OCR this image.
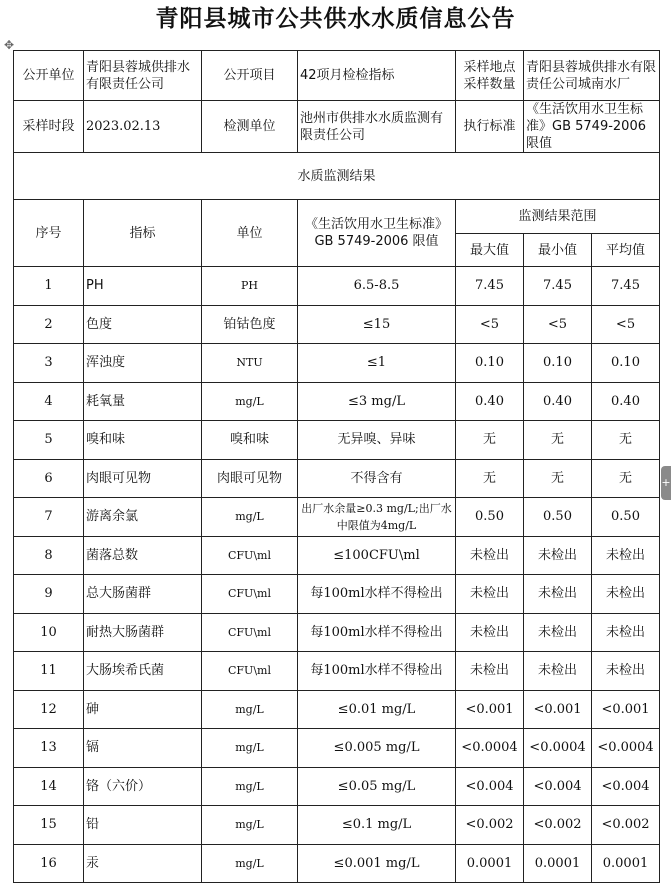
青阳县城市公共供水水质信息公告
✥
+
公开单位	青阳县蓉城供排水有限责任公司	公开项目	42项月检检指标	采样地点采样数量	青阳县蓉城供排水有限责任公司城南水厂	
采样时段	2023.02.13	检测单位	池州市供排水水质监测有限责任公司	执行标准	《生活饮用水卫生标准》GB 5749-2006 限值	
水质监测结果						
序号	指标	单位	《生活饮用水卫生标准》GB 5749-2006 限值	监测结果范围		
				最大值	最小值	平均值
1	PH	PH	6.5-8.5	7.45	7.45	7.45
2	色度	铂钴色度	≤15	<5	<5	<5
3	浑浊度	NTU	≤1	0.10	0.10	0.10
4	耗氧量	mg/L	≤3 mg/L	0.40	0.40	0.40
5	嗅和味	嗅和味	无异嗅、异味	无	无	无
6	肉眼可见物	肉眼可见物	不得含有	无	无	无
7	游离余氯	mg/L	出厂水余量≥0.3 mg/L;出厂水中限值为4mg/L	0.50	0.50	0.50
8	菌落总数	CFU\ml	≤100CFU\ml	未检出	未检出	未检出
9	总大肠菌群	CFU\ml	每100ml水样不得检出	未检出	未检出	未检出
10	耐热大肠菌群	CFU\ml	每100ml水样不得检出	未检出	未检出	未检出
11	大肠埃希氏菌	CFU\ml	每100ml水样不得检出	未检出	未检出	未检出
12	砷	mg/L	≤0.01 mg/L	<0.001	<0.001	<0.001
13	镉	mg/L	≤0.005 mg/L	<0.0004	<0.0004	<0.0004
14	铬（六价）	mg/L	≤0.05 mg/L	<0.004	<0.004	<0.004
15	铅	mg/L	≤0.1 mg/L	<0.002	<0.002	<0.002
16	汞	mg/L	≤0.001 mg/L	0.0001	0.0001	0.0001
